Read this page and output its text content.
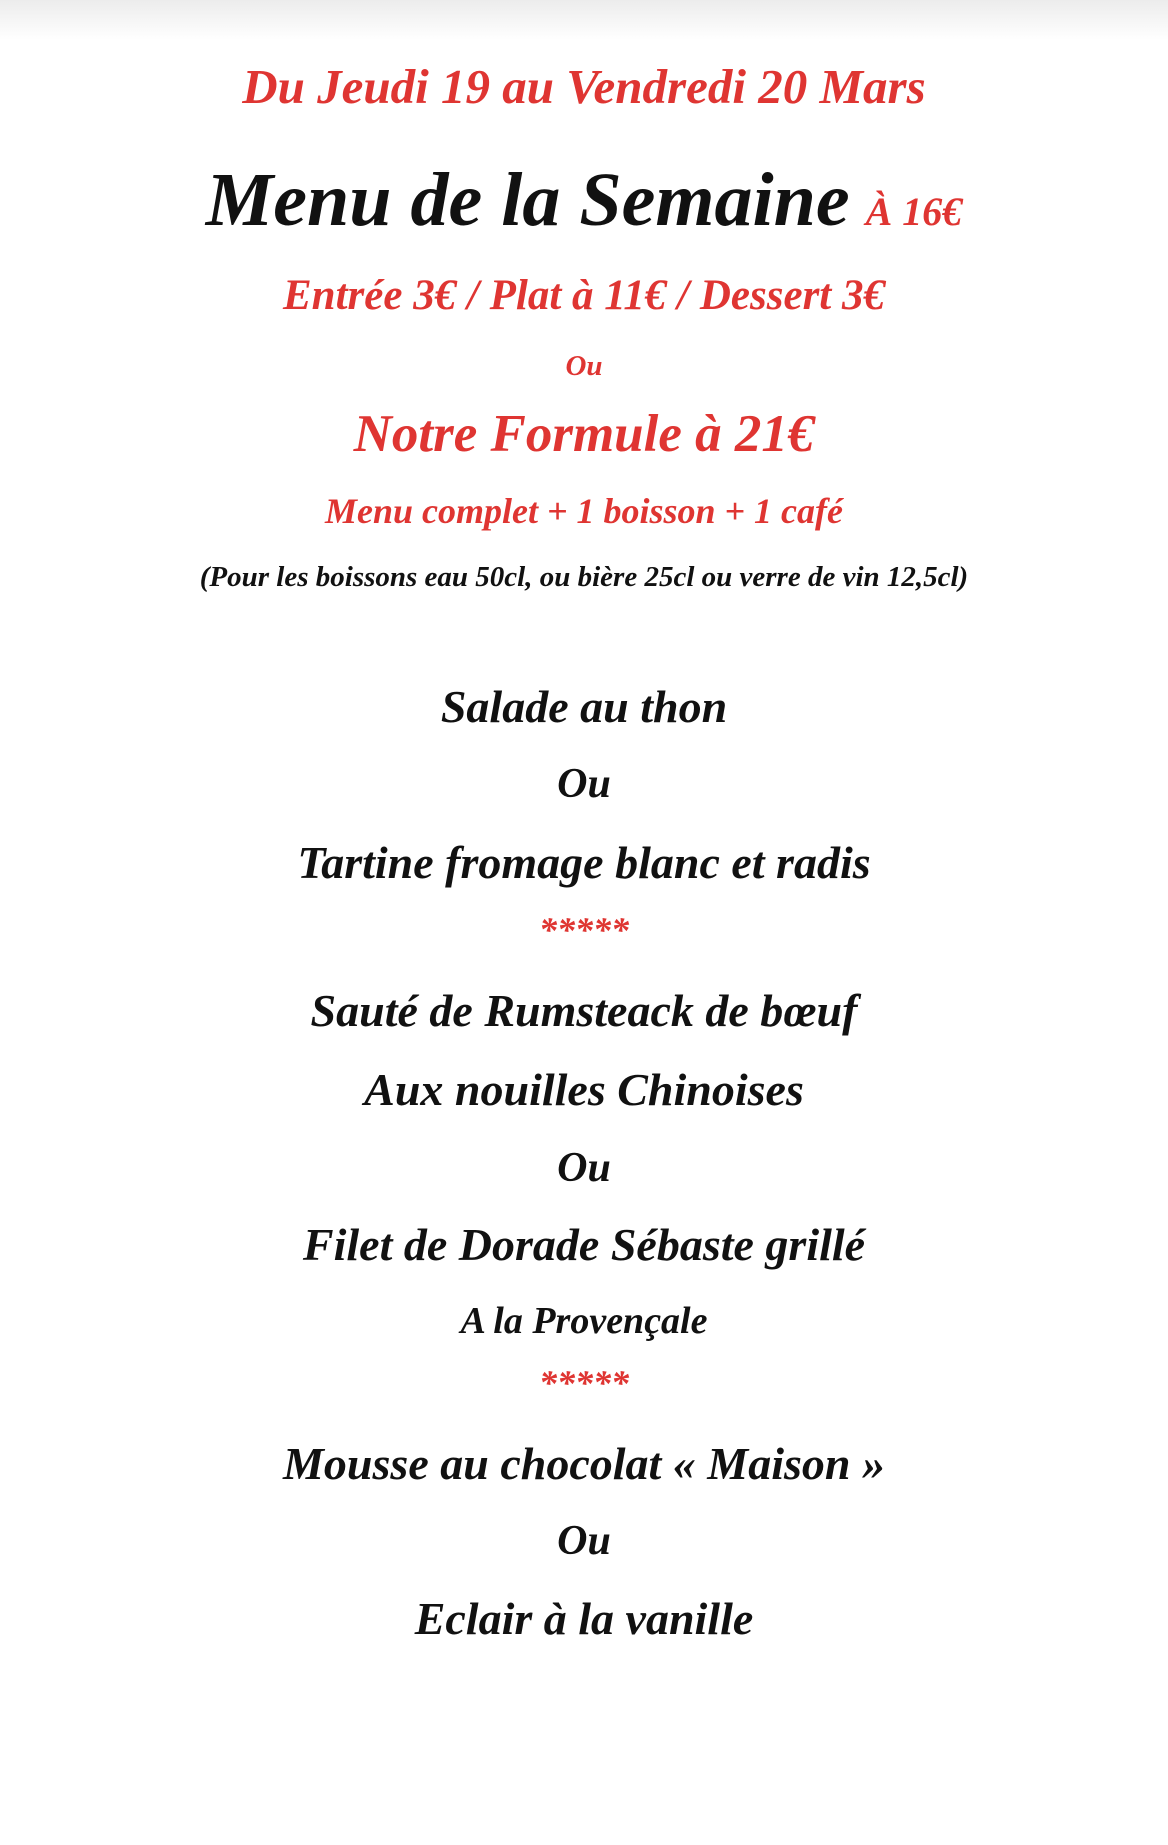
Du Jeudi 19 au Vendredi 20 Mars
Menu de la Semaine À 16€
Entrée 3€ / Plat à 11€ / Dessert 3€
Ou
Notre Formule à 21€
Menu complet + 1 boisson + 1 café
(Pour les boissons eau 50cl, ou bière 25cl ou verre de vin 12,5cl)
Salade au thon
Ou
Tartine fromage blanc et radis
*****
Sauté de Rumsteack de bœuf
Aux nouilles Chinoises
Ou
Filet de Dorade Sébaste grillé
A la Provençale
*****
Mousse au chocolat « Maison »
Ou
Eclair à la vanille
